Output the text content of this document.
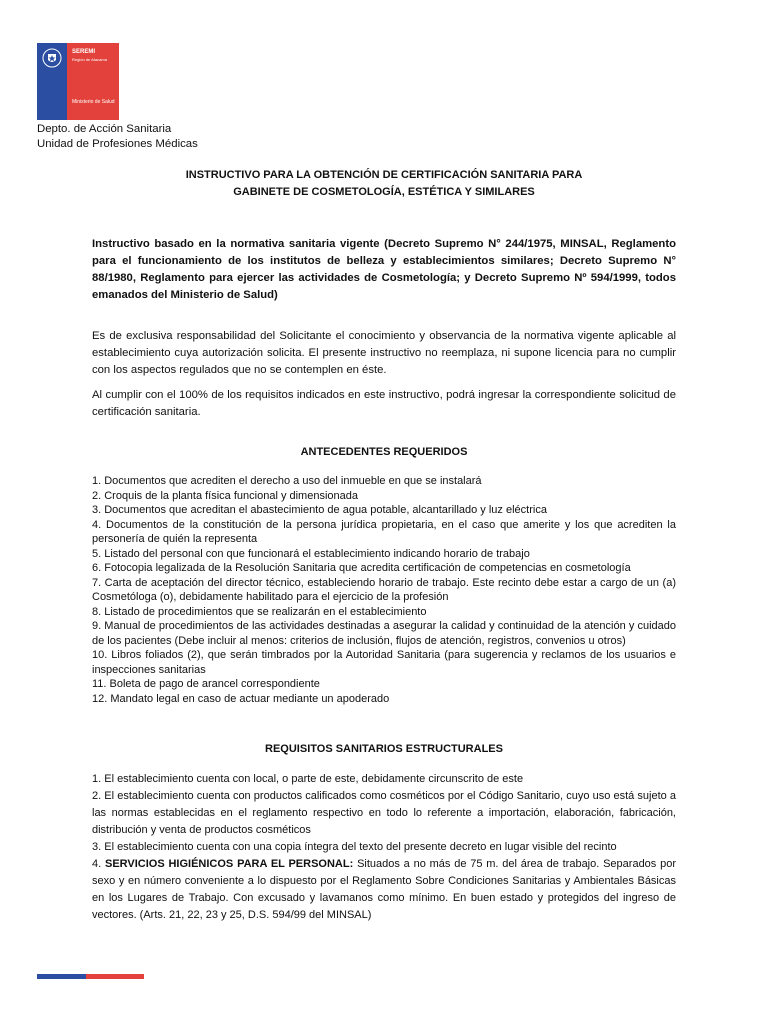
SEREMI
Región de Atacama
Ministerio de Salud
Depto. de Acción Sanitaria
Unidad de Profesiones Médicas
INSTRUCTIVO PARA LA OBTENCIÓN DE CERTIFICACIÓN SANITARIA PARA
GABINETE DE COSMETOLOGÍA, ESTÉTICA Y SIMILARES
Instructivo basado en la normativa sanitaria vigente (Decreto Supremo N° 244/1975, MINSAL, Reglamento para el funcionamiento de los institutos de belleza y establecimientos similares; Decreto Supremo N° 88/1980, Reglamento para ejercer las actividades de Cosmetología; y Decreto Supremo Nº 594/1999, todos emanados del Ministerio de Salud)
Es de exclusiva responsabilidad del Solicitante el conocimiento y observancia de la normativa vigente aplicable al establecimiento cuya autorización solicita. El presente instructivo no reemplaza, ni supone licencia para no cumplir con los aspectos regulados que no se contemplen en éste.
Al cumplir con el 100% de los requisitos indicados en este instructivo, podrá ingresar la correspondiente solicitud de certificación sanitaria.
ANTECEDENTES REQUERIDOS
1. Documentos que acrediten el derecho a uso del inmueble en que se instalará
2. Croquis de la planta física funcional y dimensionada
3. Documentos que acreditan el abastecimiento de agua potable, alcantarillado y luz eléctrica
4. Documentos de la constitución de la persona jurídica propietaria, en el caso que amerite y los que acrediten la personería de quién la representa
5. Listado del personal con que funcionará el establecimiento indicando horario de trabajo
6. Fotocopia legalizada de la Resolución Sanitaria que acredita certificación de competencias en cosmetología
7. Carta de aceptación del director técnico, estableciendo horario de trabajo. Este recinto debe estar a cargo de un (a) Cosmetóloga (o), debidamente habilitado para el ejercicio de la profesión
8. Listado de procedimientos que se realizarán en el establecimiento
9. Manual de procedimientos de las actividades destinadas a asegurar la calidad y continuidad de la atención y cuidado de los pacientes (Debe incluir al menos: criterios de inclusión, flujos de atención, registros, convenios u otros)
10. Libros foliados (2), que serán timbrados por la Autoridad Sanitaria (para sugerencia y reclamos de los usuarios e inspecciones sanitarias
11. Boleta de pago de arancel correspondiente
12. Mandato legal en caso de actuar mediante un apoderado
REQUISITOS SANITARIOS ESTRUCTURALES
1. El establecimiento cuenta con local, o parte de este, debidamente circunscrito de este
2. El establecimiento cuenta con productos calificados como cosméticos por el Código Sanitario, cuyo uso está sujeto a las normas establecidas en el reglamento respectivo en todo lo referente a importación, elaboración, fabricación, distribución y venta de productos cosméticos
3. El establecimiento cuenta con una copia íntegra del texto del presente decreto en lugar visible del recinto
4. SERVICIOS HIGIÉNICOS PARA EL PERSONAL: Situados a no más de 75 m. del área de trabajo. Separados por sexo y en número conveniente a lo dispuesto por el Reglamento Sobre Condiciones Sanitarias y Ambientales Básicas en los Lugares de Trabajo. Con excusado y lavamanos como mínimo. En buen estado y protegidos del ingreso de vectores. (Arts. 21, 22, 23 y 25, D.S. 594/99 del MINSAL)
